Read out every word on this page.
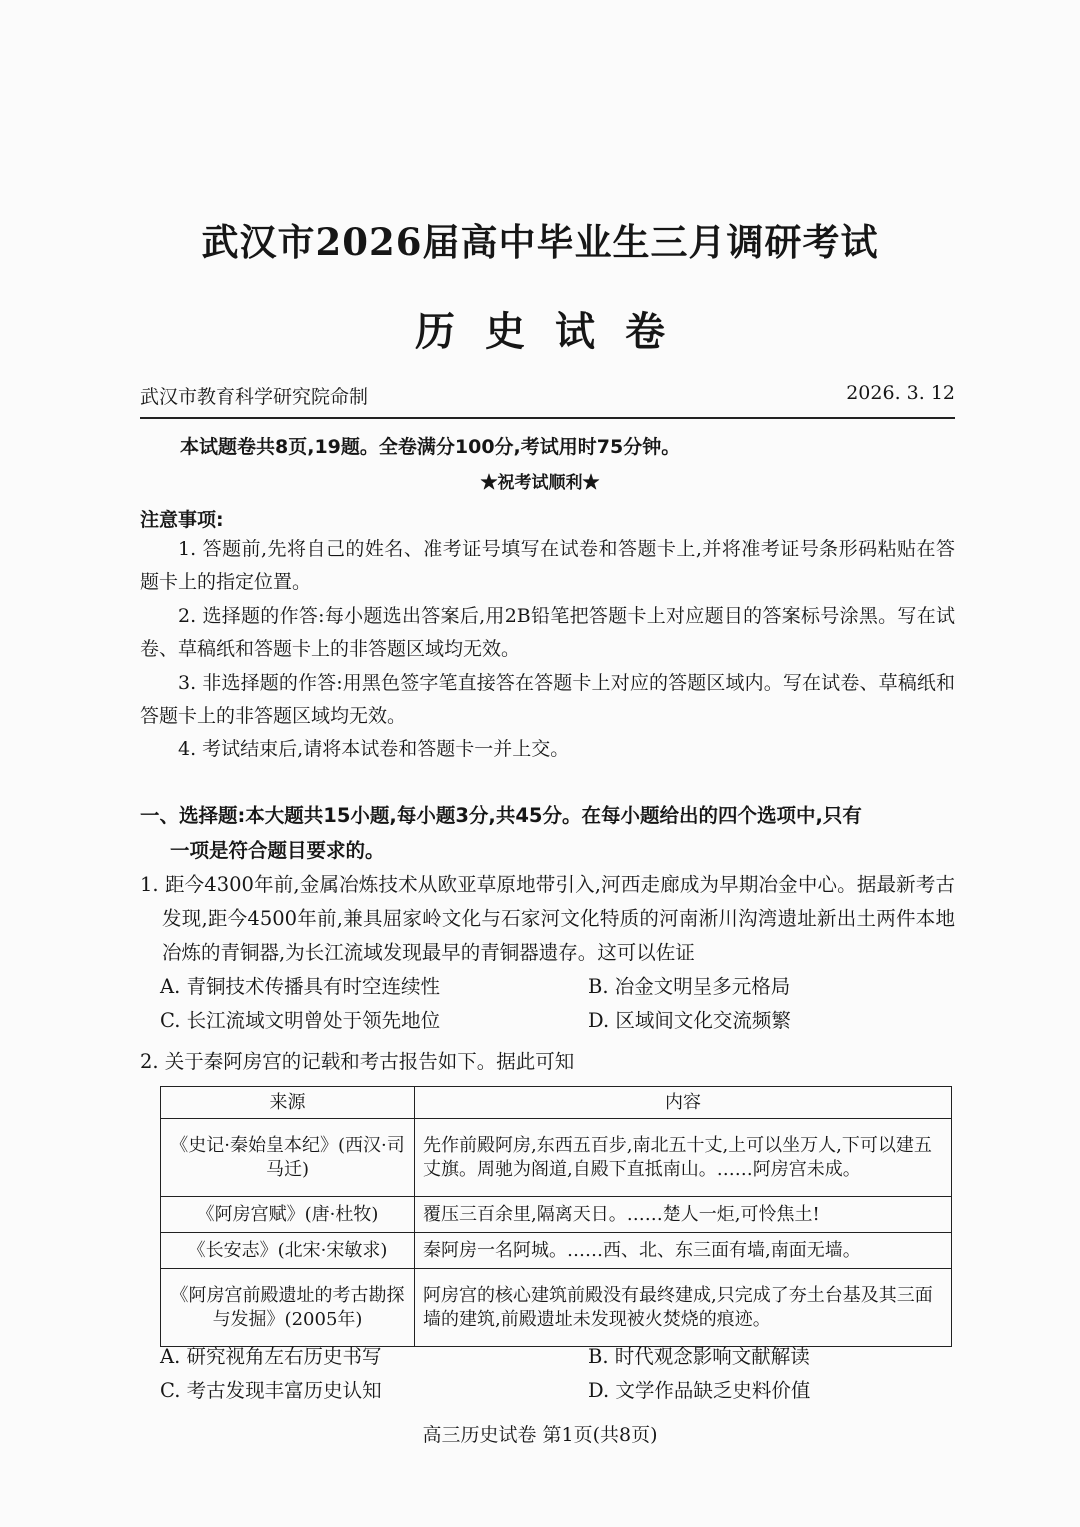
武汉市2026届高中毕业生三月调研考试
历史试卷
武汉市教育科学研究院命制	2026. 3. 12
本试题卷共8页,19题。全卷满分100分,考试用时75分钟。
★祝考试顺利★
注意事项:

1. 答题前,先将自己的姓名、准考证号填写在试卷和答题卡上,并将准考证号条形码粘贴在答题卡上的指定位置。

2. 选择题的作答:每小题选出答案后,用2B铅笔把答题卡上对应题目的答案标号涂黑。写在试卷、草稿纸和答题卡上的非答题区域均无效。

3. 非选择题的作答:用黑色签字笔直接答在答题卡上对应的答题区域内。写在试卷、草稿纸和答题卡上的非答题区域均无效。

4. 考试结束后,请将本试卷和答题卡一并上交。

一、选择题:本大题共15小题,每小题3分,共45分。在每小题给出的四个选项中,只有
一项是符合题目要求的。
1. 距今4300年前,金属冶炼技术从欧亚草原地带引入,河西走廊成为早期冶金中心。据最新考古发现,距今4500年前,兼具屈家岭文化与石家河文化特质的河南淅川沟湾遗址新出土两件本地冶炼的青铜器,为长江流域发现最早的青铜器遗存。这可以佐证
A. 青铜技术传播具有时空连续性	B. 冶金文明呈多元格局
C. 长江流域文明曾处于领先地位	D. 区域间文化交流频繁
2. 关于秦阿房宫的记载和考古报告如下。据此可知
来源	内容
《史记·秦始皇本纪》(西汉·司马迁)	先作前殿阿房,东西五百步,南北五十丈,上可以坐万人,下可以建五丈旗。周驰为阁道,自殿下直抵南山。……阿房宫未成。
《阿房宫赋》(唐·杜牧)	覆压三百余里,隔离天日。……楚人一炬,可怜焦土!
《长安志》(北宋·宋敏求)	秦阿房一名阿城。……西、北、东三面有墙,南面无墙。
《阿房宫前殿遗址的考古勘探与发掘》(2005年)	阿房宫的核心建筑前殿没有最终建成,只完成了夯土台基及其三面墙的建筑,前殿遗址未发现被火焚烧的痕迹。
A. 研究视角左右历史书写	B. 时代观念影响文献解读
C. 考古发现丰富历史认知	D. 文学作品缺乏史料价值
高三历史试卷 第1页(共8页)
